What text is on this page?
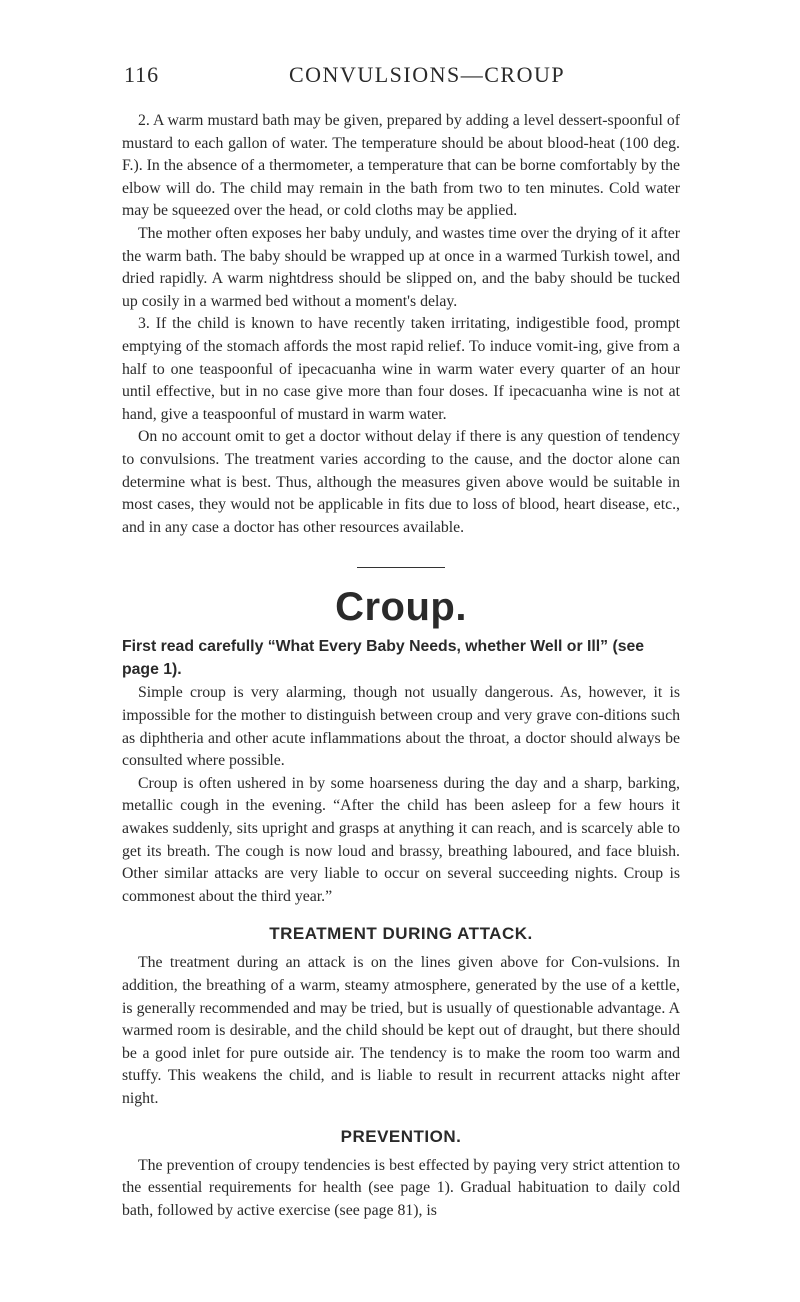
116	CONVULSIONS—CROUP

2. A warm mustard bath may be given, prepared by adding a level dessert-spoonful of mustard to each gallon of water. The temperature should be about blood-heat (100 deg. F.). In the absence of a thermometer, a temperature that can be borne comfortably by the elbow will do. The child may remain in the bath from two to ten minutes. Cold water may be squeezed over the head, or cold cloths may be applied.

The mother often exposes her baby unduly, and wastes time over the drying of it after the warm bath. The baby should be wrapped up at once in a warmed Turkish towel, and dried rapidly. A warm nightdress should be slipped on, and the baby should be tucked up cosily in a warmed bed without a moment's delay.

3. If the child is known to have recently taken irritating, indigestible food, prompt emptying of the stomach affords the most rapid relief. To induce vomit-ing, give from a half to one teaspoonful of ipecacuanha wine in warm water every quarter of an hour until effective, but in no case give more than four doses. If ipecacuanha wine is not at hand, give a teaspoonful of mustard in warm water.

On no account omit to get a doctor without delay if there is any question of tendency to convulsions. The treatment varies according to the cause, and the doctor alone can determine what is best. Thus, although the measures given above would be suitable in most cases, they would not be applicable in fits due to loss of blood, heart disease, etc., and in any case a doctor has other resources available.

Croup.
First read carefully “What Every Baby Needs, whether Well or Ill” (see page 1).

Simple croup is very alarming, though not usually dangerous. As, however, it is impossible for the mother to distinguish between croup and very grave con-ditions such as diphtheria and other acute inflammations about the throat, a doctor should always be consulted where possible.

Croup is often ushered in by some hoarseness during the day and a sharp, barking, metallic cough in the evening. “After the child has been asleep for a few hours it awakes suddenly, sits upright and grasps at anything it can reach, and is scarcely able to get its breath. The cough is now loud and brassy, breathing laboured, and face bluish. Other similar attacks are very liable to occur on several succeeding nights. Croup is commonest about the third year.”

TREATMENT DURING ATTACK.

The treatment during an attack is on the lines given above for Con-vulsions. In addition, the breathing of a warm, steamy atmosphere, generated by the use of a kettle, is generally recommended and may be tried, but is usually of questionable advantage. A warmed room is desirable, and the child should be kept out of draught, but there should be a good inlet for pure outside air. The tendency is to make the room too warm and stuffy. This weakens the child, and is liable to result in recurrent attacks night after night.

PREVENTION.

The prevention of croupy tendencies is best effected by paying very strict attention to the essential requirements for health (see page 1). Gradual habituation to daily cold bath, followed by active exercise (see page 81), is
